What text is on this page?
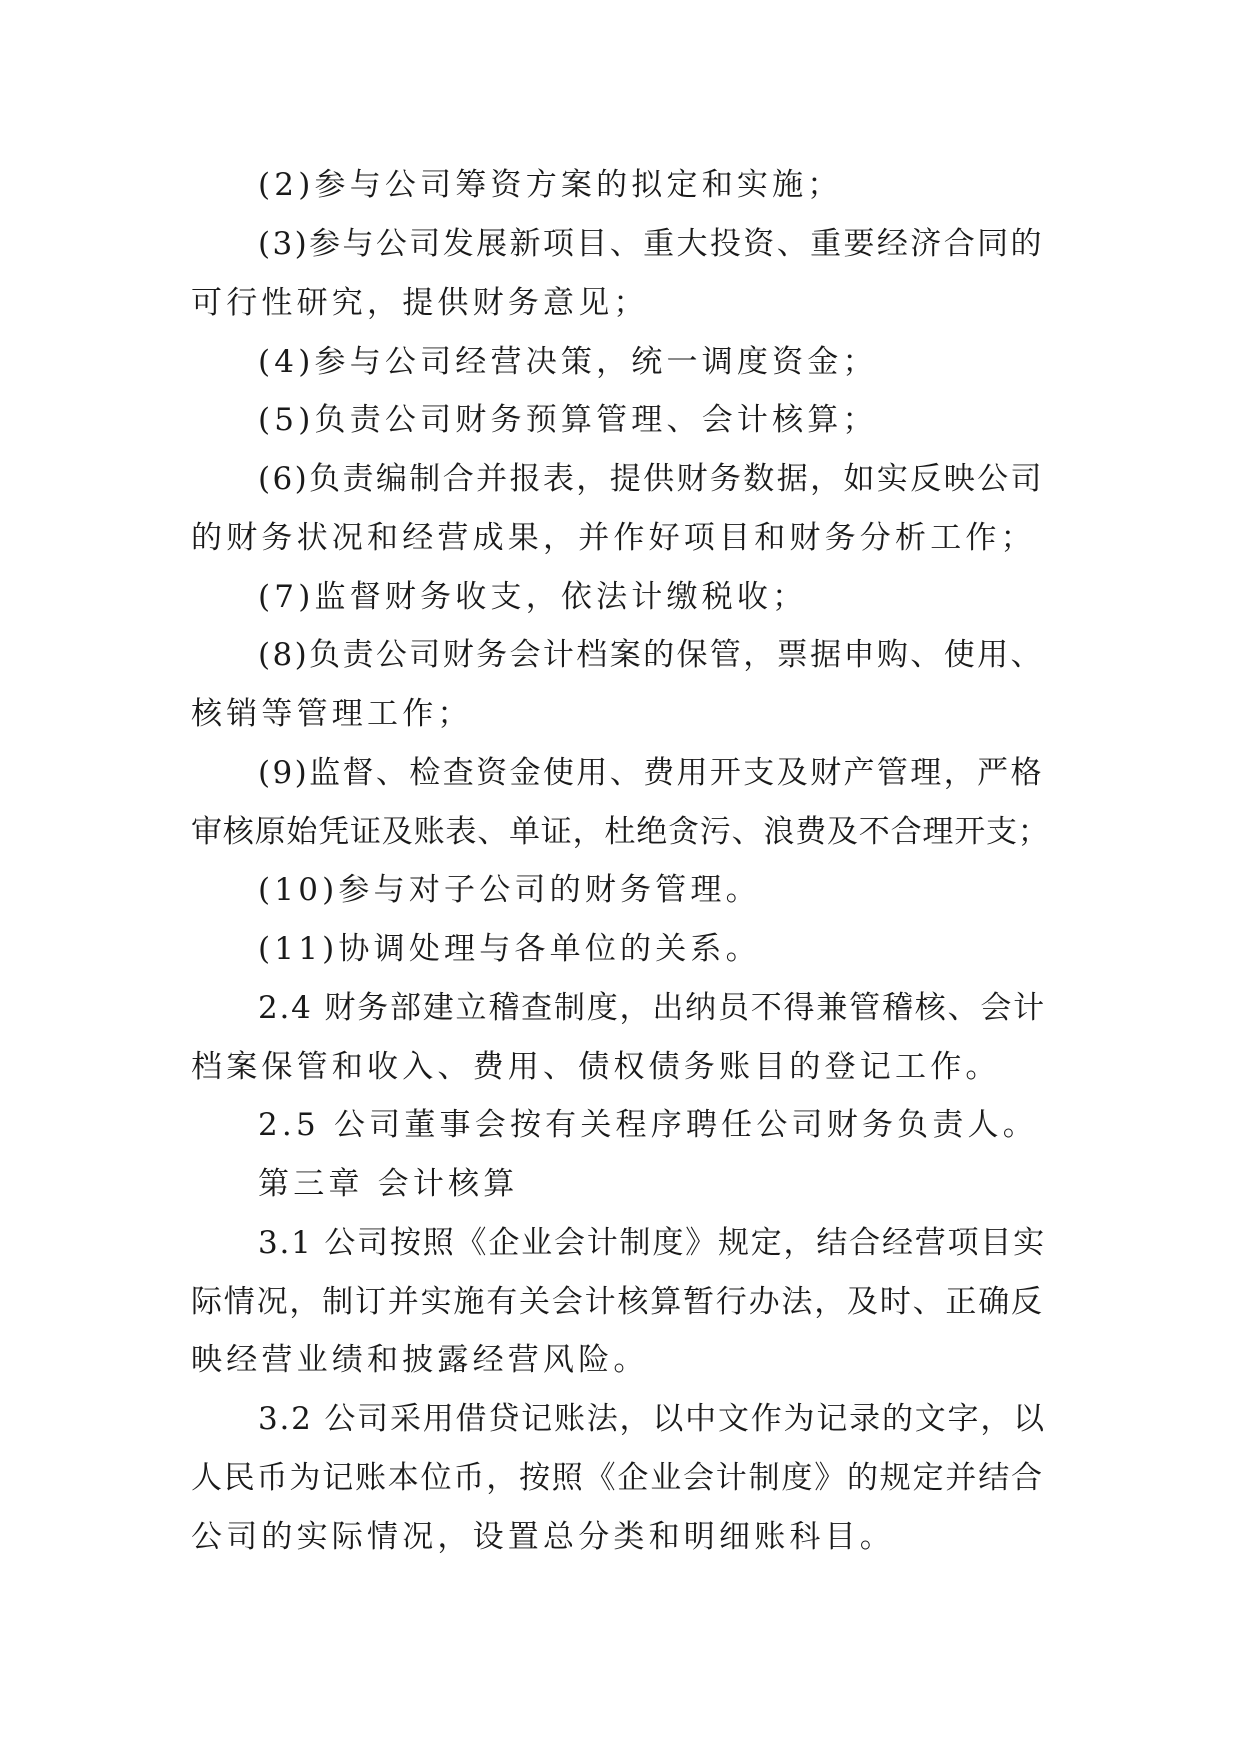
(2)参与公司筹资方案的拟定和实施；
(3)参与公司发展新项目、重大投资、重要经济合同的
可行性研究，提供财务意见；
(4)参与公司经营决策，统一调度资金；
(5)负责公司财务预算管理、会计核算；
(6)负责编制合并报表，提供财务数据，如实反映公司
的财务状况和经营成果，并作好项目和财务分析工作；
(7)监督财务收支，依法计缴税收；
(8)负责公司财务会计档案的保管，票据申购、使用、
核销等管理工作；
(9)监督、检查资金使用、费用开支及财产管理，严格
审核原始凭证及账表、单证，杜绝贪污、浪费及不合理开支；
(10)参与对子公司的财务管理。
(11)协调处理与各单位的关系。
2.4 财务部建立稽查制度，出纳员不得兼管稽核、会计
档案保管和收入、费用、债权债务账目的登记工作。
2.5 公司董事会按有关程序聘任公司财务负责人。
第三章 会计核算
3.1 公司按照《企业会计制度》规定，结合经营项目实
际情况，制订并实施有关会计核算暂行办法，及时、正确反
映经营业绩和披露经营风险。
3.2 公司采用借贷记账法，以中文作为记录的文字，以
人民币为记账本位币，按照《企业会计制度》的规定并结合
公司的实际情况，设置总分类和明细账科目。
